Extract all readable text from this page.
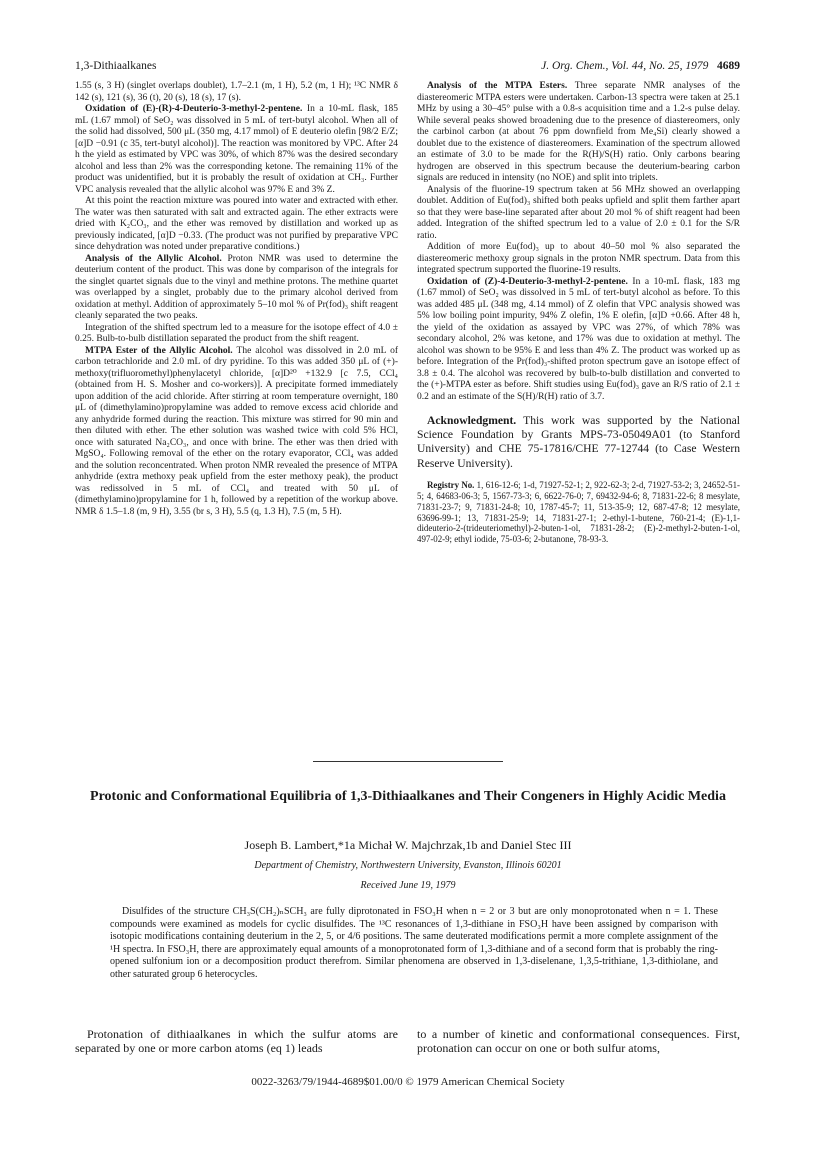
1,3-Dithiaalkanes	J. Org. Chem., Vol. 44, No. 25, 1979 4689

1.55 (s, 3 H) (singlet overlaps doublet), 1.7–2.1 (m, 1 H), 5.2 (m, 1 H); ¹³C NMR δ 142 (s), 121 (s), 36 (t), 20 (s), 18 (s), 17 (s).

Oxidation of (E)-(R)-4-Deuterio-3-methyl-2-pentene. In a 10-mL flask, 185 mL (1.67 mmol) of SeO₂ was dissolved in 5 mL of tert-butyl alcohol. When all of the solid had dissolved, 500 μL (350 mg, 4.17 mmol) of E deuterio olefin [98/2 E/Z; [α]D −0.91 (c 35, tert-butyl alcohol)]. The reaction was monitored by VPC. After 24 h the yield as estimated by VPC was 30%, of which 87% was the desired secondary alcohol and less than 2% was the corresponding ketone. The remaining 11% of the product was unidentified, but it is probably the result of oxidation at CH₃. Further VPC analysis revealed that the allylic alcohol was 97% E and 3% Z.

At this point the reaction mixture was poured into water and extracted with ether. The water was then saturated with salt and extracted again. The ether extracts were dried with K₂CO₃, and the ether was removed by distillation and worked up as previously indicated, [α]D −0.33. (The product was not purified by preparative VPC since dehydration was noted under preparative conditions.)

Analysis of the Allylic Alcohol. Proton NMR was used to determine the deuterium content of the product. This was done by comparison of the integrals for the singlet quartet signals due to the vinyl and methine protons. The methine quartet was overlapped by a singlet, probably due to the primary alcohol derived from oxidation at methyl. Addition of approximately 5–10 mol % of Pr(fod)₃ shift reagent cleanly separated the two peaks.

Integration of the shifted spectrum led to a measure for the isotope effect of 4.0 ± 0.25. Bulb-to-bulb distillation separated the product from the shift reagent.

MTPA Ester of the Allylic Alcohol. The alcohol was dissolved in 2.0 mL of carbon tetrachloride and 2.0 mL of dry pyridine. To this was added 350 μL of (+)-methoxy(trifluoromethyl)phenylacetyl chloride, [α]D²⁰ +132.9 [c 7.5, CCl₄ (obtained from H. S. Mosher and co-workers)]. A precipitate formed immediately upon addition of the acid chloride. After stirring at room temperature overnight, 180 μL of (dimethylamino)propylamine was added to remove excess acid chloride and any anhydride formed during the reaction. This mixture was stirred for 90 min and then diluted with ether. The ether solution was washed twice with cold 5% HCl, once with saturated Na₂CO₃, and once with brine. The ether was then dried with MgSO₄. Following removal of the ether on the rotary evaporator, CCl₄ was added and the solution reconcentrated. When proton NMR revealed the presence of MTPA anhydride (extra methoxy peak upfield from the ester methoxy peak), the product was redissolved in 5 mL of CCl₄ and treated with 50 μL of (dimethylamino)propylamine for 1 h, followed by a repetition of the workup above. NMR δ 1.5–1.8 (m, 9 H), 3.55 (br s, 3 H), 5.5 (q, 1.3 H), 7.5 (m, 5 H).

Analysis of the MTPA Esters. Three separate NMR analyses of the diastereomeric MTPA esters were undertaken. Carbon-13 spectra were taken at 25.1 MHz by using a 30–45° pulse with a 0.8-s acquisition time and a 1.2-s pulse delay. While several peaks showed broadening due to the presence of diastereomers, only the carbinol carbon (at about 76 ppm downfield from Me₄Si) clearly showed a doublet due to the existence of diastereomers. Examination of the spectrum allowed an estimate of 3.0 to be made for the R(H)/S(H) ratio. Only carbons bearing hydrogen are observed in this spectrum because the deuterium-bearing carbon signals are reduced in intensity (no NOE) and split into triplets.

Analysis of the fluorine-19 spectrum taken at 56 MHz showed an overlapping doublet. Addition of Eu(fod)₃ shifted both peaks upfield and split them farther apart so that they were base-line separated after about 20 mol % of shift reagent had been added. Integration of the shifted spectrum led to a value of 2.0 ± 0.1 for the S/R ratio.

Addition of more Eu(fod)₃ up to about 40–50 mol % also separated the diastereomeric methoxy group signals in the proton NMR spectrum. Data from this integrated spectrum supported the fluorine-19 results.

Oxidation of (Z)-4-Deuterio-3-methyl-2-pentene. In a 10-mL flask, 183 mg (1.67 mmol) of SeO₂ was dissolved in 5 mL of tert-butyl alcohol as before. To this was added 485 μL (348 mg, 4.14 mmol) of Z olefin that VPC analysis showed was 5% low boiling point impurity, 94% Z olefin, 1% E olefin, [α]D +0.66. After 48 h, the yield of the oxidation as assayed by VPC was 27%, of which 78% was secondary alcohol, 2% was ketone, and 17% was due to oxidation at methyl. The alcohol was shown to be 95% E and less than 4% Z. The product was worked up as before. Integration of the Pr(fod)₃-shifted proton spectrum gave an isotope effect of 3.8 ± 0.4. The alcohol was recovered by bulb-to-bulb distillation and converted to the (+)-MTPA ester as before. Shift studies using Eu(fod)₃ gave an R/S ratio of 2.1 ± 0.2 and an estimate of the S(H)/R(H) ratio of 3.7.

Acknowledgment. This work was supported by the National Science Foundation by Grants MPS-73-05049A01 (to Stanford University) and CHE 75-17816/CHE 77-12744 (to Case Western Reserve University).

Registry No. 1, 616-12-6; 1-d, 71927-52-1; 2, 922-62-3; 2-d, 71927-53-2; 3, 24652-51-5; 4, 64683-06-3; 5, 1567-73-3; 6, 6622-76-0; 7, 69432-94-6; 8, 71831-22-6; 8 mesylate, 71831-23-7; 9, 71831-24-8; 10, 1787-45-7; 11, 513-35-9; 12, 687-47-8; 12 mesylate, 63696-99-1; 13, 71831-25-9; 14, 71831-27-1; 2-ethyl-1-butene, 760-21-4; (E)-1,1-dideuterio-2-(trideuteriomethyl)-2-buten-1-ol, 71831-28-2; (E)-2-methyl-2-buten-1-ol, 497-02-9; ethyl iodide, 75-03-6; 2-butanone, 78-93-3.

Protonic and Conformational Equilibria of 1,3-Dithiaalkanes and Their Congeners in Highly Acidic Media
Joseph B. Lambert,*1a Michał W. Majchrzak,1b and Daniel Stec III
Department of Chemistry, Northwestern University, Evanston, Illinois 60201
Received June 19, 1979

Disulfides of the structure CH₃S(CH₂)ₙSCH₃ are fully diprotonated in FSO₃H when n = 2 or 3 but are only monoprotonated when n = 1. These compounds were examined as models for cyclic disulfides. The ¹³C resonances of 1,3-dithiane in FSO₃H have been assigned by comparison with isotopic modifications containing deuterium in the 2, 5, or 4/6 positions. The same deuterated modifications permit a more complete assignment of the ¹H spectra. In FSO₃H, there are approximately equal amounts of a monoprotonated form of 1,3-dithiane and of a second form that is probably the ring-opened sulfonium ion or a decomposition product therefrom. Similar phenomena are observed in 1,3-diselenane, 1,3,5-trithiane, 1,3-dithiolane, and other saturated group 6 heterocycles.

Protonation of dithiaalkanes in which the sulfur atoms are separated by one or more carbon atoms (eq 1) leads

to a number of kinetic and conformational consequences. First, protonation can occur on one or both sulfur atoms,

0022-3263/79/1944-4689$01.00/0 © 1979 American Chemical Society
